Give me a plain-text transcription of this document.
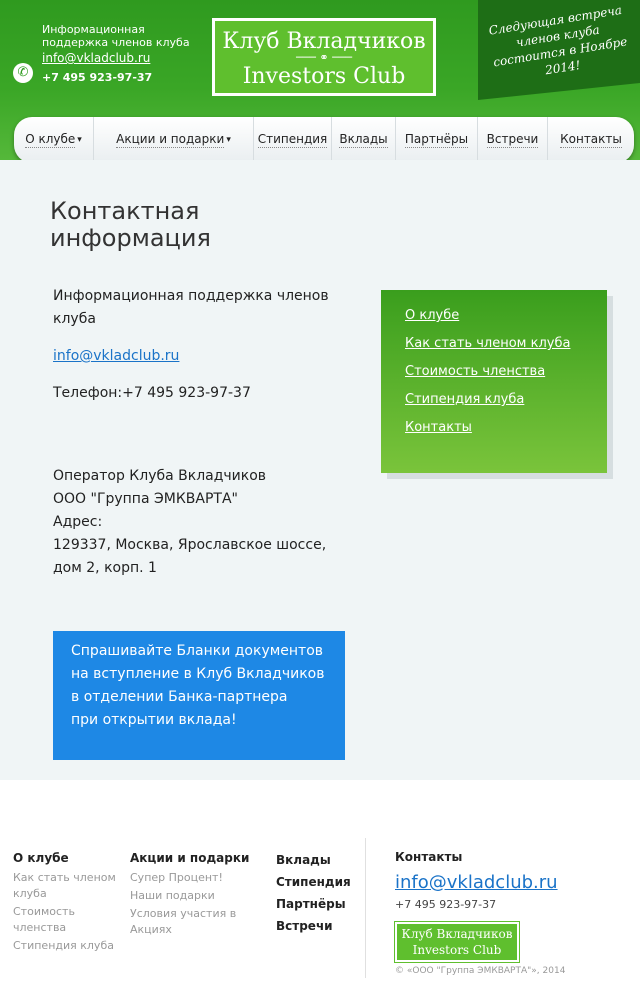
Информационная поддержка членов клуба
info@vkladclub.ru
+7 495 923-97-37
✆
Клуб Вкладчиков
─── ⚭ ───
Investors Club
Следующая встреча членов клуба состоится в Ноябре 2014!
О клубе ▾	Акции и подарки ▾ Стипендия Вклады Партнёры Встречи Контакты
Контактная информация
Информационная поддержка членов клуба
info@vkladclub.ru
Телефон:+7 495 923-97-37
Оператор Клуба Вкладчиков
ООО "Группа ЭМКВАРТА"
Адрес:
129337, Москва, Ярославское шоссе,
дом 2, корп. 1
О клубе
Как стать членом клуба
Стоимость членства
Стипендия клуба
Контакты
Спрашивайте Бланки документов
на вступление в Клуб Вкладчиков
в отделении Банка-партнера
при открытии вклада!
О клубе
Как стать членом клуба
Стоимость членства
Стипендия клуба
Акции и подарки
Супер Процент!
Наши подарки
Условия участия в Акциях
Вклады
Стипендия
Партнёры
Встречи
Контакты
info@vkladclub.ru
+7 495 923-97-37
Клуб Вкладчиков
Investors Club
© «ООО "Группа ЭМКВАРТА"», 2014
